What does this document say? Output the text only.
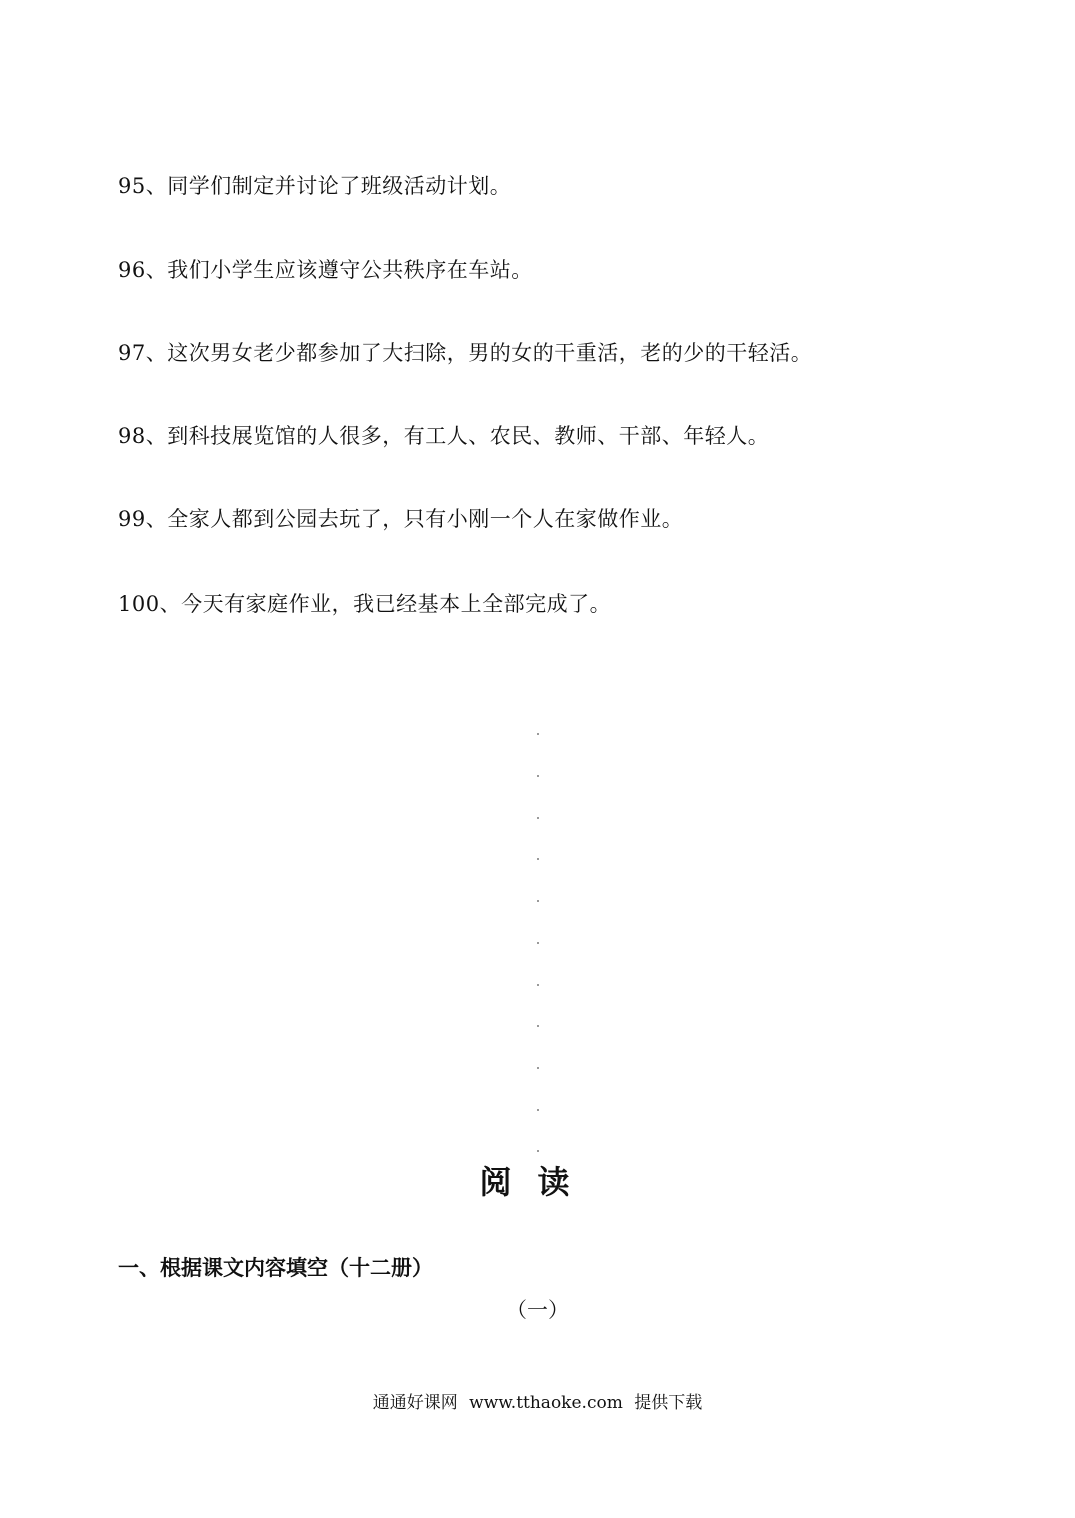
95、同学们制定并讨论了班级活动计划。
96、我们小学生应该遵守公共秩序在车站。
97、这次男女老少都参加了大扫除，男的女的干重活，老的少的干轻活。
98、到科技展览馆的人很多，有工人、农民、教师、干部、年轻人。
99、全家人都到公园去玩了，只有小刚一个人在家做作业。
100、今天有家庭作业，我已经基本上全部完成了。
阅读
一、根据课文内容填空（十二册）
（一）
通通好课网 www.tthaoke.com 提供下载
